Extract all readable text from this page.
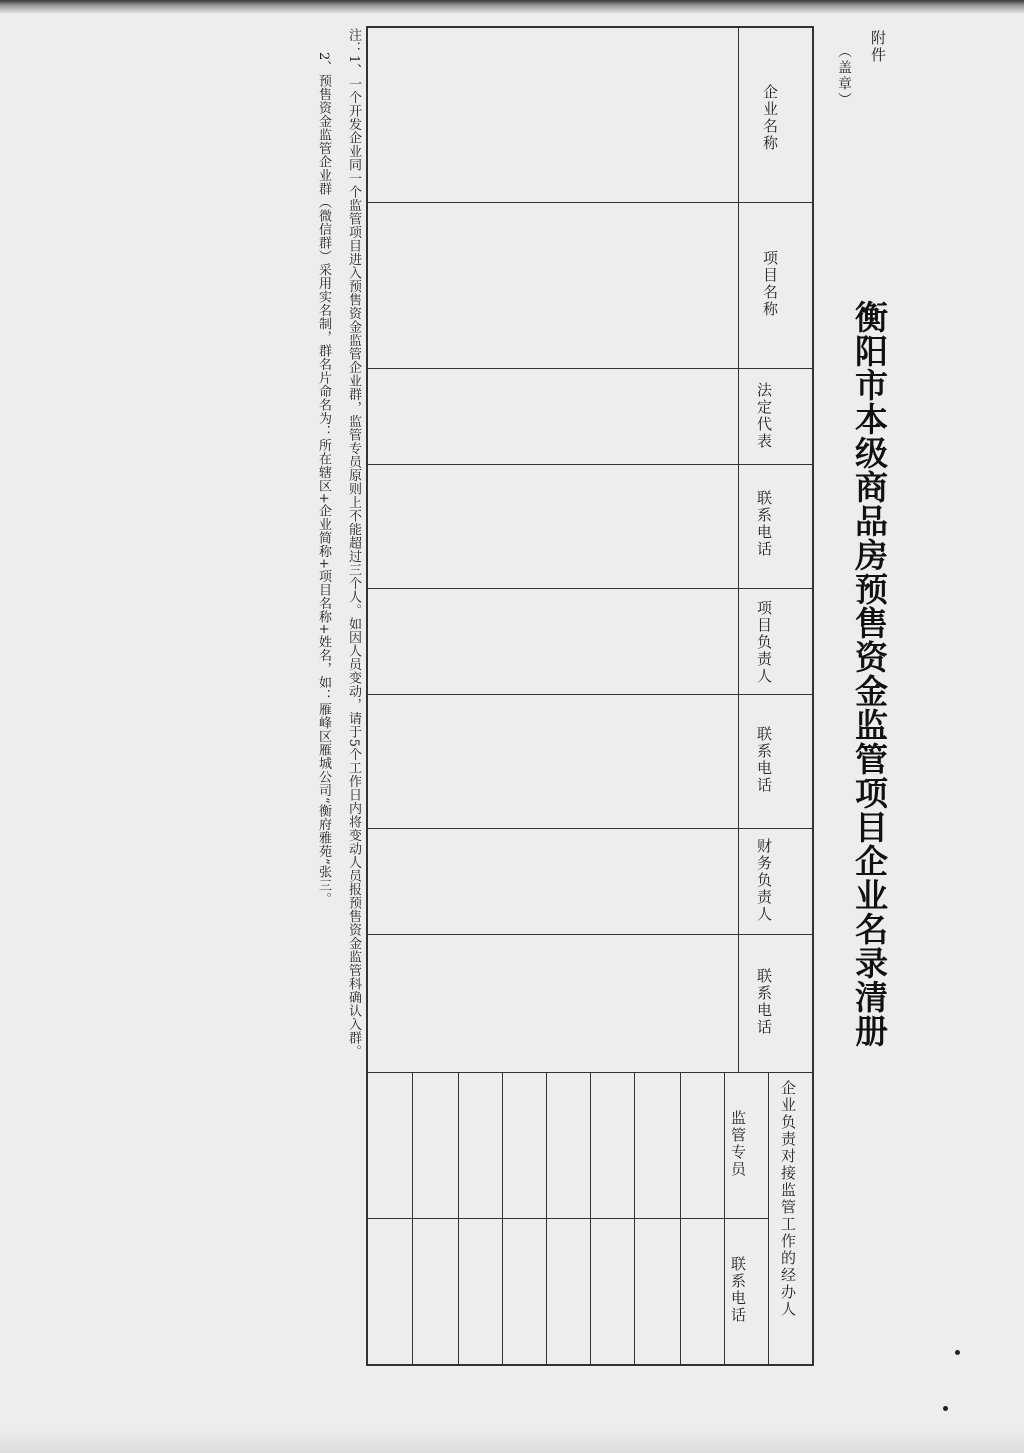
附件
（盖章）
衡阳市本级商品房预售资金监管项目企业名录清册
企业名称
项目名称
法定代表
联系电话
项目负责人
联系电话
财务负责人
联系电话
企业负责对接监管工作的经办人
监管专员
联系电话
注：1、一个开发企业同一个监管项目进入预售资金监管企业群，监管专员原则上不能超过三个人。如因人员变动，请于5个工作日内将变动人员报预售资金监管科确认入群。
2、预售资金监管企业群（微信群）采用实名制，群名片命名为：所在辖区+企业简称+项目名称+姓名，如：雁峰区雁城公司“衡府雅苑”张三。
